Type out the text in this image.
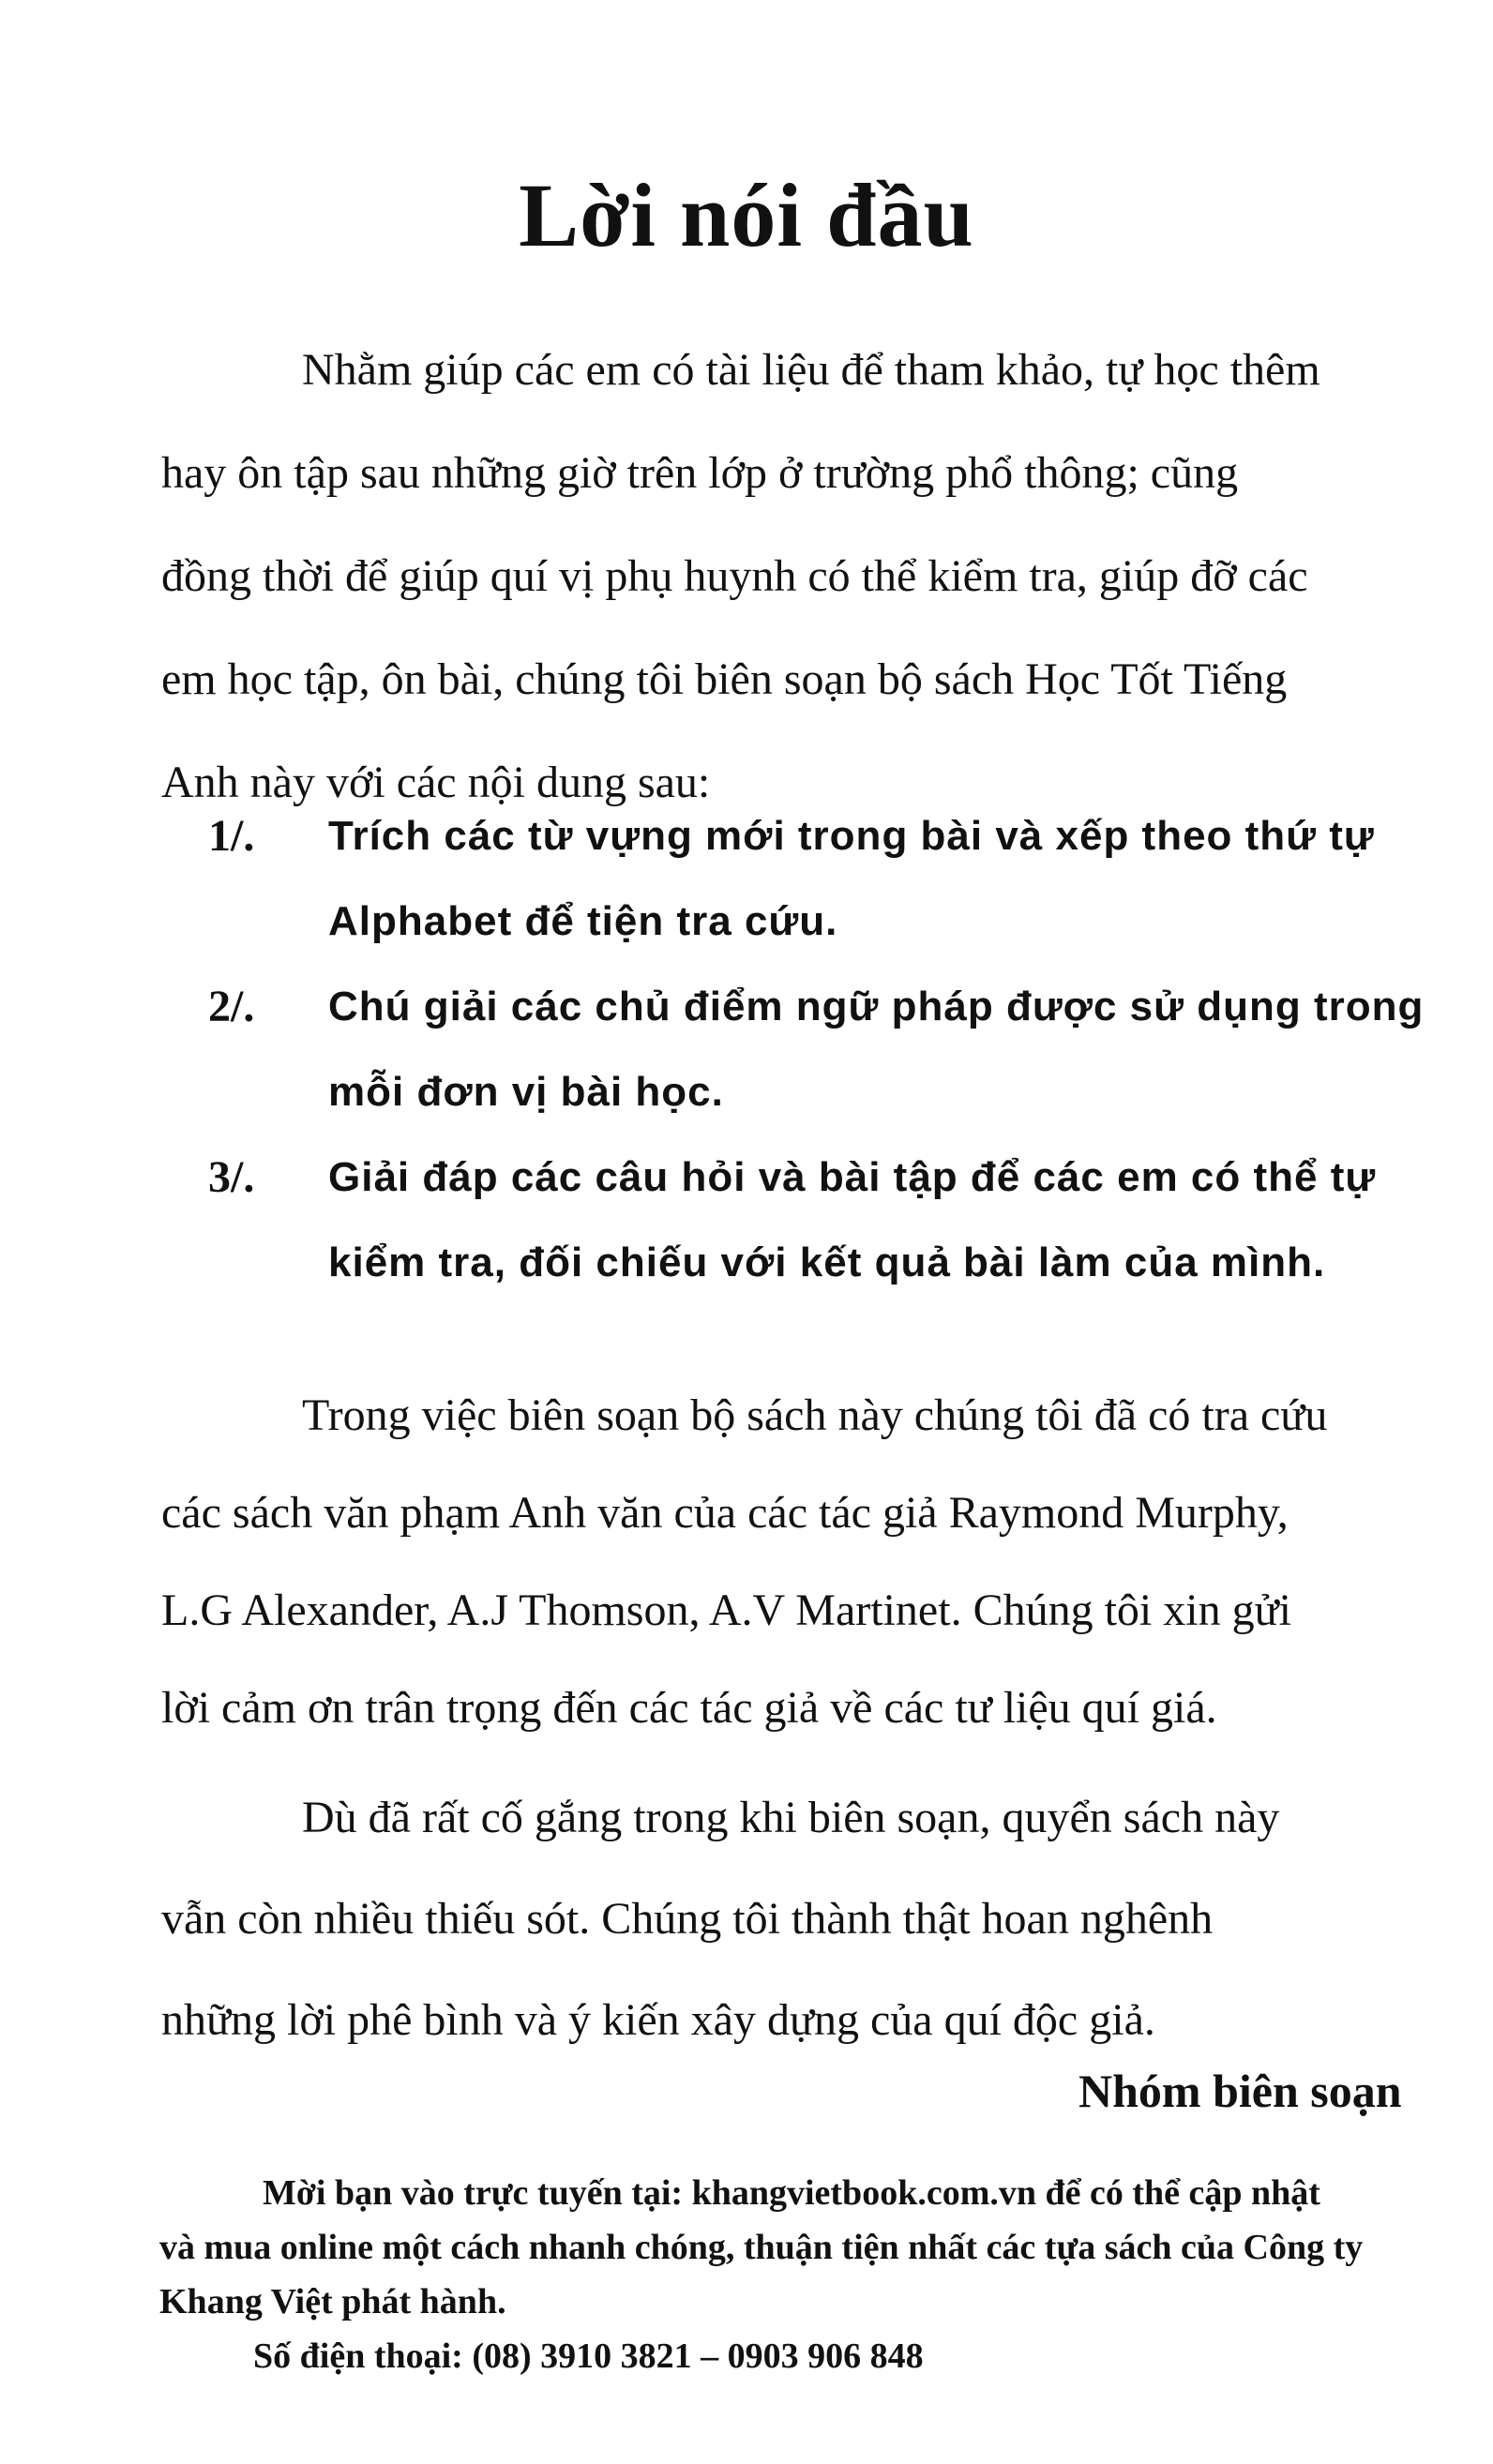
Lời nói đầu
Nhằm giúp các em có tài liệu để tham khảo, tự học thêm
hay ôn tập sau những giờ trên lớp ở trường phổ thông; cũng
đồng thời để giúp quí vị phụ huynh có thể kiểm tra, giúp đỡ các
em học tập, ôn bài, chúng tôi biên soạn bộ sách Học Tốt Tiếng
Anh này với các nội dung sau:
1/. Trích các từ vựng mới trong bài và xếp theo thứ tự
Alphabet để tiện tra cứu.
2/. Chú giải các chủ điểm ngữ pháp được sử dụng trong
mỗi đơn vị bài học.
3/. Giải đáp các câu hỏi và bài tập để các em có thể tự
kiểm tra, đối chiếu với kết quả bài làm của mình.
Trong việc biên soạn bộ sách này chúng tôi đã có tra cứu
các sách văn phạm Anh văn của các tác giả Raymond Murphy,
L.G Alexander, A.J Thomson, A.V Martinet. Chúng tôi xin gửi
lời cảm ơn trân trọng đến các tác giả về các tư liệu quí giá.
Dù đã rất cố gắng trong khi biên soạn, quyển sách này
vẫn còn nhiều thiếu sót. Chúng tôi thành thật hoan nghênh
những lời phê bình và ý kiến xây dựng của quí độc giả.
Nhóm biên soạn
Mời bạn vào trực tuyến tại: khangvietbook.com.vn để có thể cập nhật
và mua online một cách nhanh chóng, thuận tiện nhất các tựa sách của Công ty
Khang Việt phát hành.
Số điện thoại: (08) 3910 3821 – 0903 906 848
